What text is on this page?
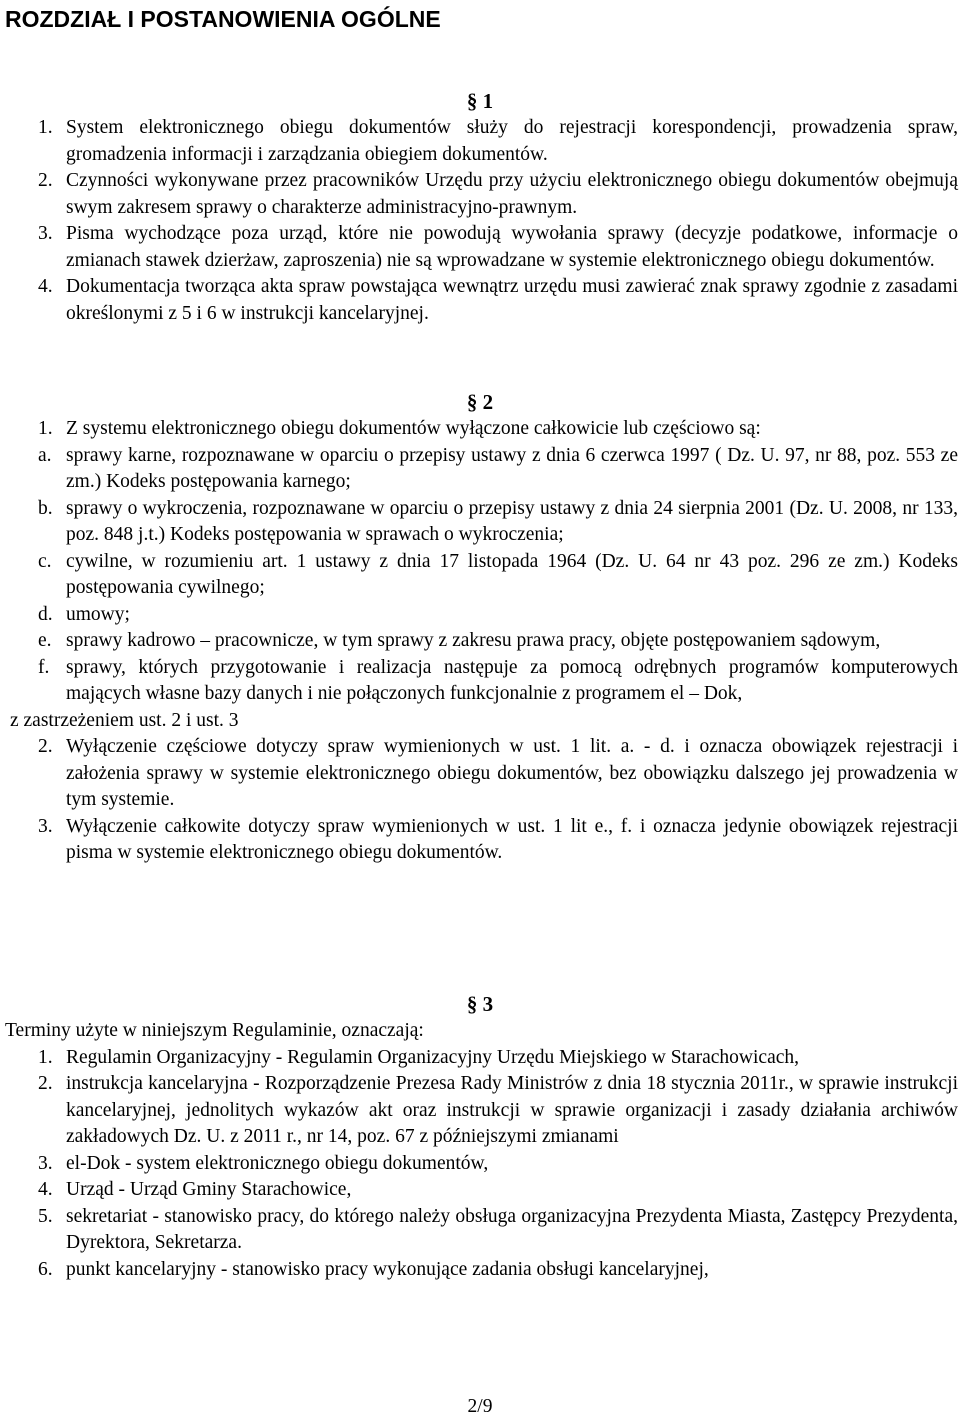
ROZDZIAŁ I POSTANOWIENIA OGÓLNE
§ 1
1. System elektronicznego obiegu dokumentów służy do rejestracji korespondencji, prowadzenia spraw, gromadzenia informacji i zarządzania obiegiem dokumentów.
2. Czynności wykonywane przez pracowników Urzędu przy użyciu elektronicznego obiegu dokumentów obejmują swym zakresem sprawy o charakterze administracyjno-prawnym.
3. Pisma wychodzące poza urząd, które nie powodują wywołania sprawy (decyzje podatkowe, informacje o zmianach stawek dzierżaw, zaproszenia) nie są wprowadzane w systemie elektronicznego obiegu dokumentów.
4. Dokumentacja tworząca akta spraw powstająca wewnątrz urzędu musi zawierać znak sprawy zgodnie z zasadami określonymi z 5 i 6 w instrukcji kancelaryjnej.
§ 2
1. Z systemu elektronicznego obiegu dokumentów wyłączone całkowicie lub częściowo są:
a. sprawy karne, rozpoznawane w oparciu o przepisy ustawy z dnia 6 czerwca 1997 ( Dz. U. 97, nr 88, poz. 553 ze zm.) Kodeks postępowania karnego;
b. sprawy o wykroczenia, rozpoznawane w oparciu o przepisy ustawy z dnia 24 sierpnia 2001 (Dz. U. 2008, nr 133, poz. 848 j.t.) Kodeks postępowania w sprawach o wykroczenia;
c. cywilne, w rozumieniu art. 1 ustawy z dnia 17 listopada 1964 (Dz. U. 64 nr 43 poz. 296 ze zm.) Kodeks postępowania cywilnego;
d. umowy;
e. sprawy kadrowo – pracownicze, w tym sprawy z zakresu prawa pracy, objęte postępowaniem sądowym,
f. sprawy, których przygotowanie i realizacja następuje za pomocą odrębnych programów komputerowych mających własne bazy danych i nie połączonych funkcjonalnie z programem el – Dok,
z zastrzeżeniem ust. 2 i ust. 3
2. Wyłączenie częściowe dotyczy spraw wymienionych w ust. 1 lit. a. - d. i oznacza obowiązek rejestracji i założenia sprawy w systemie elektronicznego obiegu dokumentów, bez obowiązku dalszego jej prowadzenia w tym systemie.
3. Wyłączenie całkowite dotyczy spraw wymienionych w ust. 1 lit e., f. i oznacza jedynie obowiązek rejestracji pisma w systemie elektronicznego obiegu dokumentów.
§ 3
Terminy użyte w niniejszym Regulaminie, oznaczają:
1. Regulamin Organizacyjny - Regulamin Organizacyjny Urzędu Miejskiego w Starachowicach,
2. instrukcja kancelaryjna - Rozporządzenie Prezesa Rady Ministrów z dnia 18 stycznia 2011r., w sprawie instrukcji kancelaryjnej, jednolitych wykazów akt oraz instrukcji w sprawie organizacji i zasady działania archiwów zakładowych Dz. U. z 2011 r., nr 14, poz. 67 z późniejszymi zmianami
3. el-Dok - system elektronicznego obiegu dokumentów,
4. Urząd - Urząd Gminy Starachowice,
5. sekretariat - stanowisko pracy, do którego należy obsługa organizacyjna Prezydenta Miasta, Zastępcy Prezydenta, Dyrektora, Sekretarza.
6. punkt kancelaryjny - stanowisko pracy wykonujące zadania obsługi kancelaryjnej,
2/9
